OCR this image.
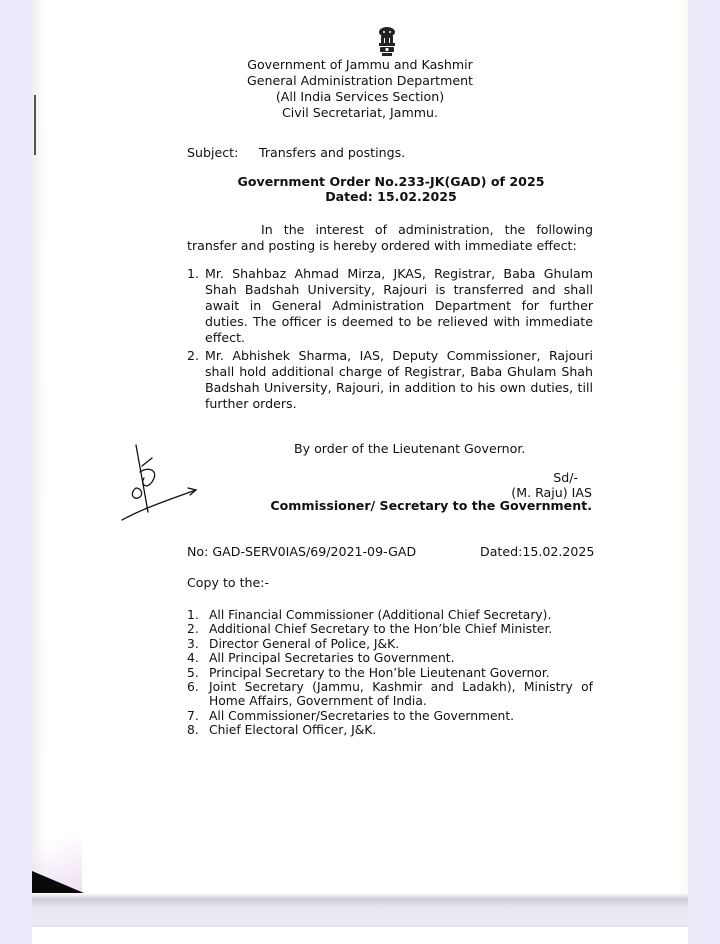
Government of Jammu and Kashmir
General Administration Department
(All India Services Section)
Civil Secretariat, Jammu.
Subject: Transfers and postings.
Government Order No.233-JK(GAD) of 2025
Dated: 15.02.2025
In the interest of administration, the following transfer and posting is hereby ordered with immediate effect:
1. Mr. Shahbaz Ahmad Mirza, JKAS, Registrar, Baba Ghulam Shah Badshah University, Rajouri is transferred and shall await in General Administration Department for further duties. The officer is deemed to be relieved with immediate effect.
2. Mr. Abhishek Sharma, IAS, Deputy Commissioner, Rajouri shall hold additional charge of Registrar, Baba Ghulam Shah Badshah University, Rajouri, in addition to his own duties, till further orders.
By order of the Lieutenant Governor.
Sd/-
(M. Raju) IAS
Commissioner/ Secretary to the Government.
No: GAD-SERV0IAS/69/2021-09-GAD	Dated:15.02.2025
Copy to the:-
1. All Financial Commissioner (Additional Chief Secretary).
2. Additional Chief Secretary to the Hon’ble Chief Minister.
3. Director General of Police, J&K.
4. All Principal Secretaries to Government.
5. Principal Secretary to the Hon’ble Lieutenant Governor.
6. Joint Secretary (Jammu, Kashmir and Ladakh), Ministry of
Home Affairs, Government of India.
7. All Commissioner/Secretaries to the Government.
8. Chief Electoral Officer, J&K.
